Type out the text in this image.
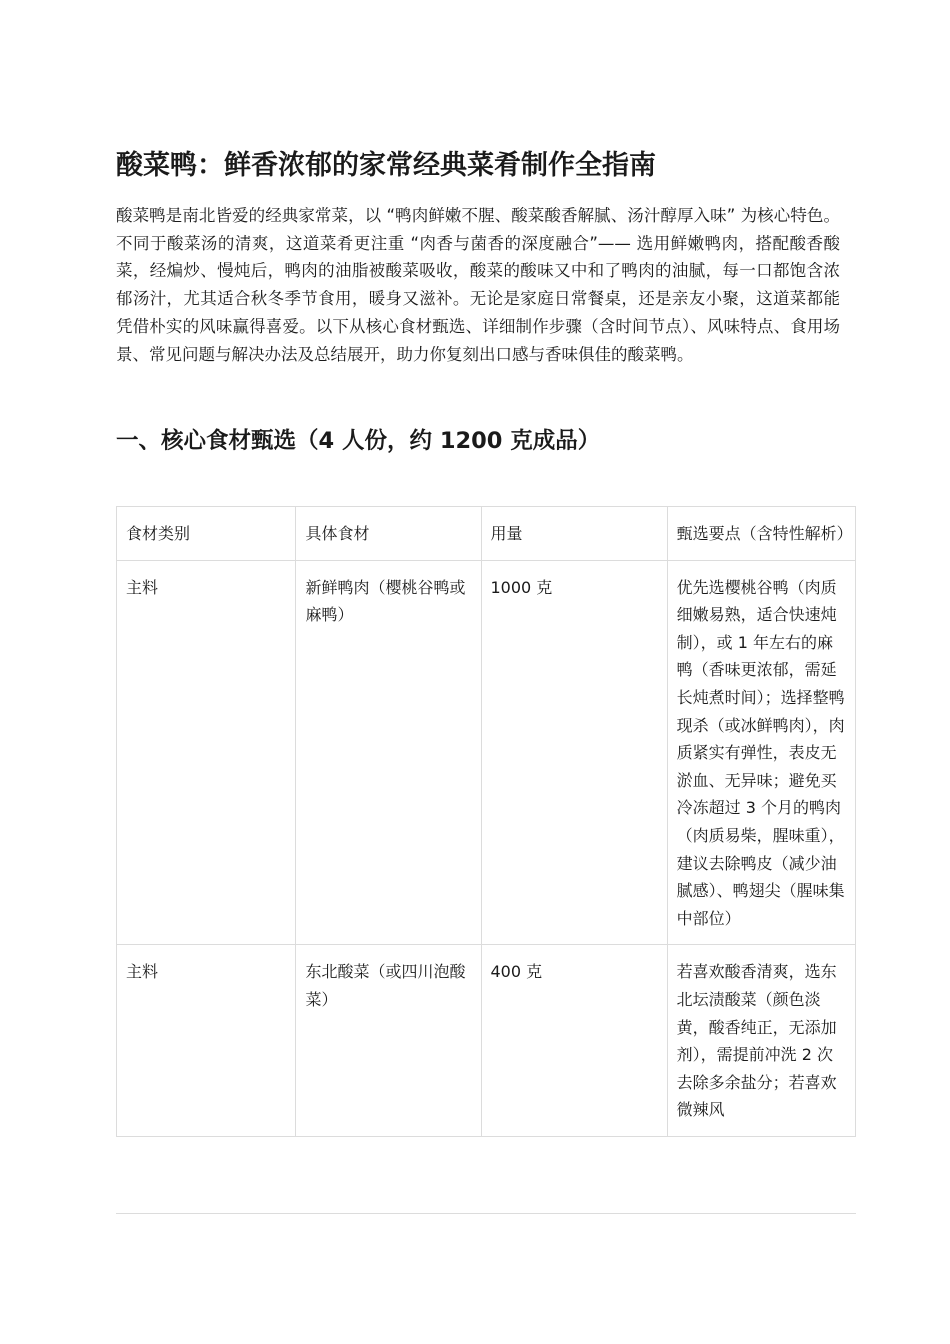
酸菜鸭：鲜香浓郁的家常经典菜肴制作全指南

酸菜鸭是南北皆爱的经典家常菜，以 “鸭肉鲜嫩不腥、酸菜酸香解腻、汤汁醇厚入味” 为核心特色。不同于酸菜汤的清爽，这道菜肴更注重 “肉香与菌香的深度融合”—— 选用鲜嫩鸭肉，搭配酸香酸菜，经煸炒、慢炖后，鸭肉的油脂被酸菜吸收，酸菜的酸味又中和了鸭肉的油腻，每一口都饱含浓郁汤汁，尤其适合秋冬季节食用，暖身又滋补。无论是家庭日常餐桌，还是亲友小聚，这道菜都能凭借朴实的风味赢得喜爱。以下从核心食材甄选、详细制作步骤（含时间节点）、风味特点、食用场景、常见问题与解决办法及总结展开，助力你复刻出口感与香味俱佳的酸菜鸭。

一、核心食材甄选（4 人份，约 1200 克成品）
食材类别	具体食材	用量	甄选要点（含特性解析）
主料	新鲜鸭肉（樱桃谷鸭或麻鸭）	1000 克	优先选樱桃谷鸭（肉质细嫩易熟，适合快速炖制），或 1 年左右的麻鸭（香味更浓郁，需延长炖煮时间）；选择整鸭现杀（或冰鲜鸭肉），肉质紧实有弹性，表皮无淤血、无异味；避免买冷冻超过 3 个月的鸭肉（肉质易柴，腥味重），建议去除鸭皮（减少油腻感）、鸭翅尖（腥味集中部位）
主料	东北酸菜（或四川泡酸菜）	400 克	若喜欢酸香清爽，选东北坛渍酸菜（颜色淡黄，酸香纯正，无添加剂），需提前冲洗 2 次去除多余盐分；若喜欢微辣风
